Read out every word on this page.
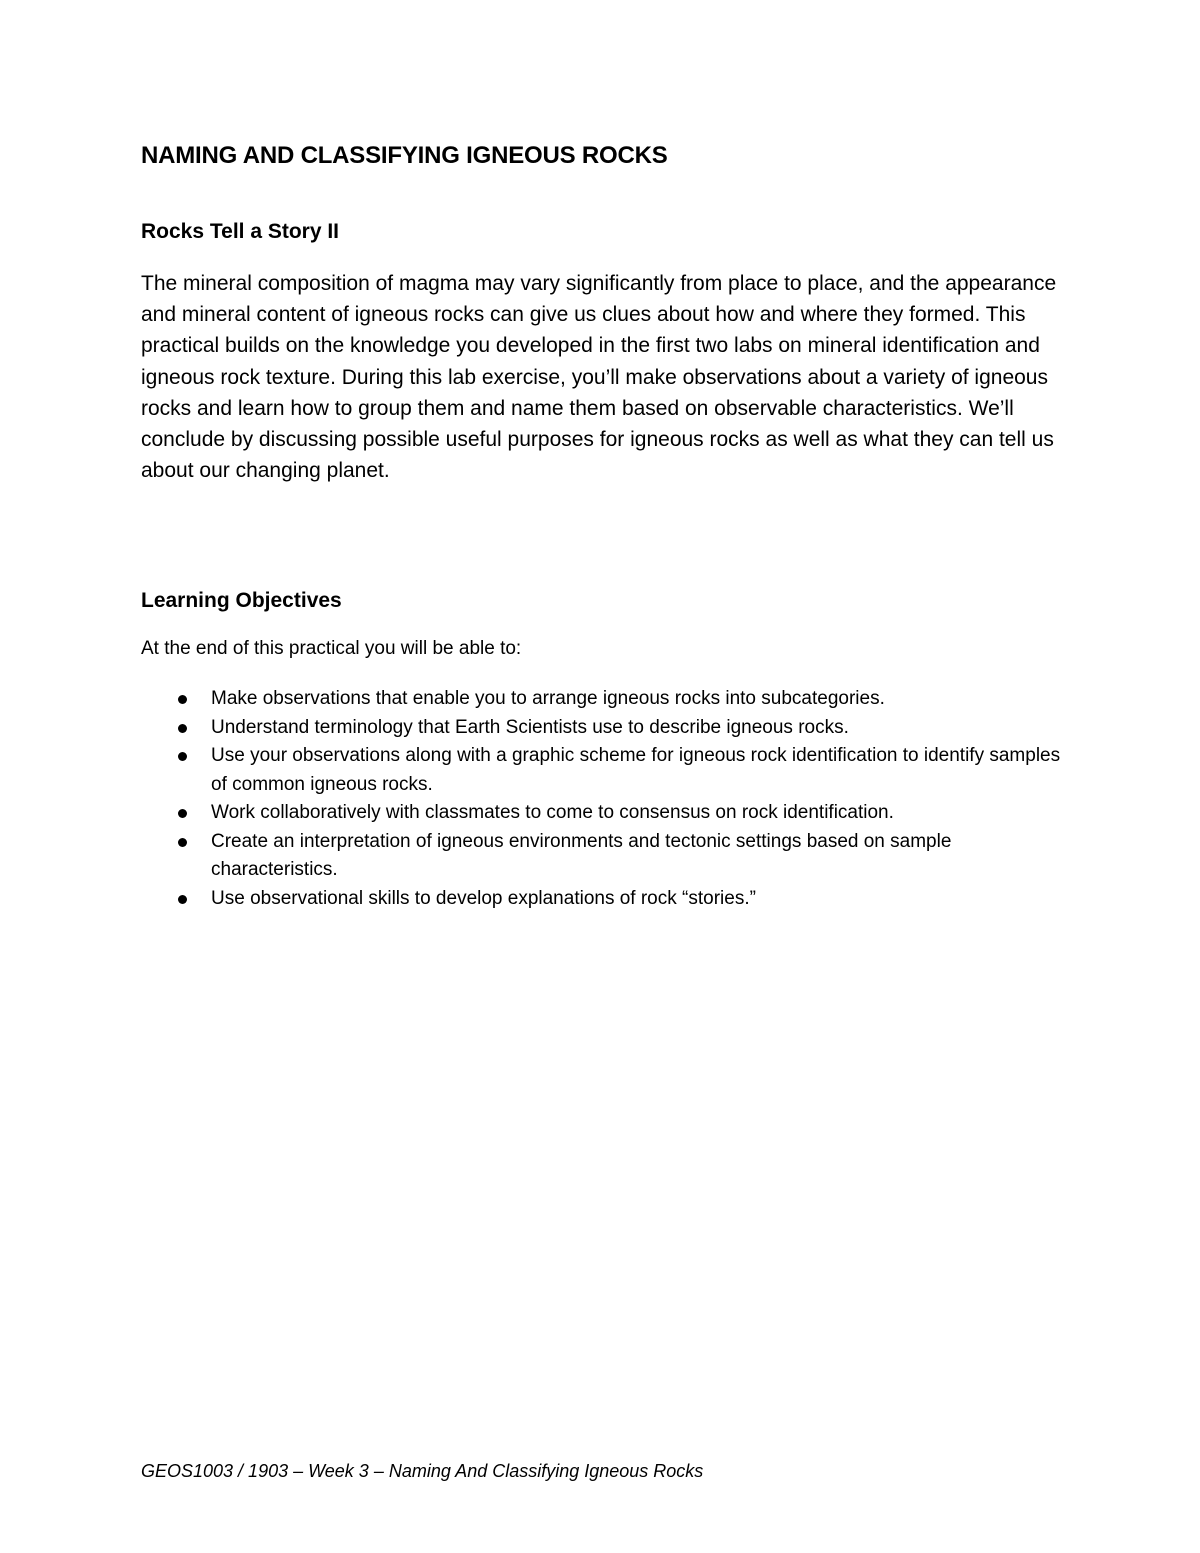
NAMING AND CLASSIFYING IGNEOUS ROCKS
Rocks Tell a Story II

The mineral composition of magma may vary significantly from place to place, and the appearance and mineral content of igneous rocks can give us clues about how and where they formed. This practical builds on the knowledge you developed in the first two labs on mineral identification and igneous rock texture. During this lab exercise, you’ll make observations about a variety of igneous rocks and learn how to group them and name them based on observable characteristics. We’ll conclude by discussing possible useful purposes for igneous rocks as well as what they can tell us about our changing planet.

Learning Objectives

At the end of this practical you will be able to:

Make observations that enable you to arrange igneous rocks into subcategories.
Understand terminology that Earth Scientists use to describe igneous rocks.
Use your observations along with a graphic scheme for igneous rock identification to identify samples of common igneous rocks.
Work collaboratively with classmates to come to consensus on rock identification.
Create an interpretation of igneous environments and tectonic settings based on sample characteristics.
Use observational skills to develop explanations of rock “stories.”

GEOS1003 / 1903 – Week 3 – Naming And Classifying Igneous Rocks
